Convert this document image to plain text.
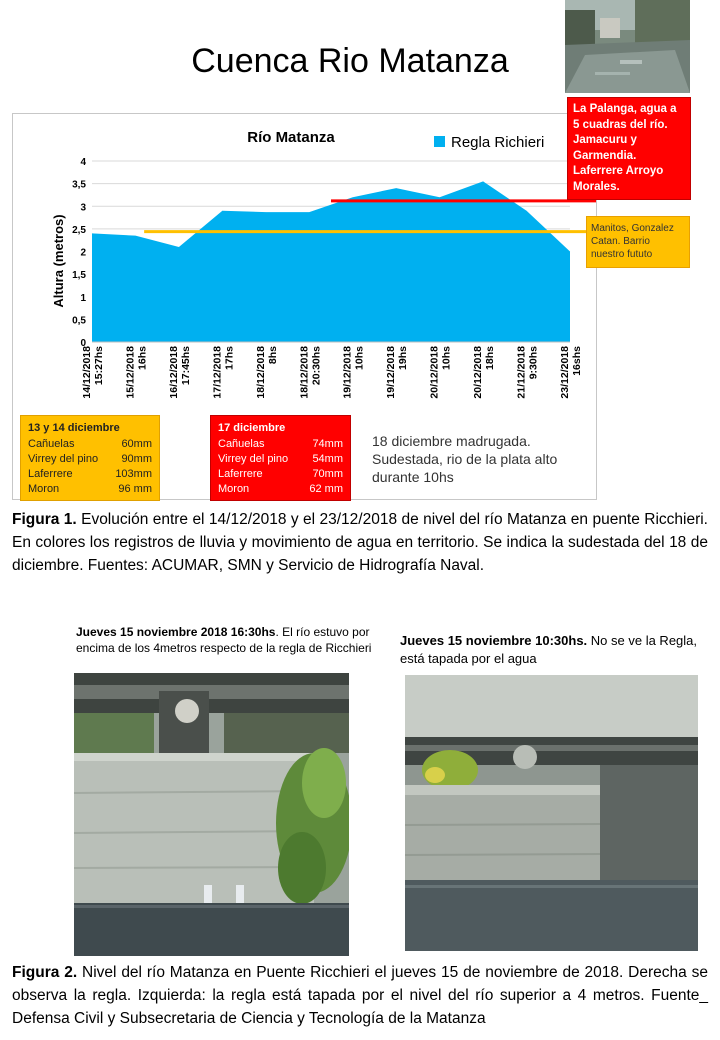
Cuenca Rio Matanza
0
0,5
1
1,5
2
2,5
3
3,5
4
14/12/2018 15:27hs 15/12/2018 16hs 16/12/2018 17:45hs 17/12/2018 17hs 18/12/2018 8hs 18/12/2018 20:30hs 19/12/2018 10hs 19/12/2018 19hs 20/12/2018 10hs 20/12/2018 18hs 21/12/2018 9:30hs 23/12/2018 16shs
Río Matanza	Regla Richieri
Altura (metros)
La Palanga, agua a 5 cuadras del río. Jamacuru y Garmendia. Laferrere Arroyo Morales.
Manitos, Gonzalez Catan. Barrio nuestro fututo
13 y 14 diciembre
Cañuelas	60mm
Virrey del pino 90mm
Laferrere	103mm
Moron	96 mm
17 diciembre
Cañuelas	74mm
Virrey del pino 54mm
Laferrere	70mm
Moron	62 mm
18 diciembre madrugada. Sudestada, rio de la plata alto durante 10hs

Figura 1. Evolución entre el 14/12/2018 y el 23/12/2018 de nivel del río Matanza en puente Ricchieri. En colores los registros de lluvia y movimiento de agua en territorio. Se indica la sudestada del 18 de diciembre. Fuentes: ACUMAR, SMN y Servicio de Hidrografía Naval.

Jueves 15 noviembre 2018 16:30hs. El río estuvo por encima de los 4metros respecto de la regla de Ricchieri	Jueves 15 noviembre 10:30hs. No se ve la Regla, está tapada por el agua

Figura 2. Nivel del río Matanza en Puente Ricchieri el jueves 15 de noviembre de 2018. Derecha se observa la regla. Izquierda: la regla está tapada por el nivel del río superior a 4 metros. Fuente_ Defensa Civil y Subsecretaria de Ciencia y Tecnología de la Matanza
